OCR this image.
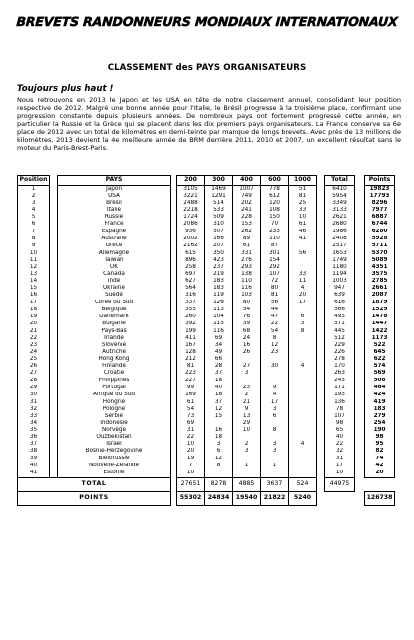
BREVETS RANDONNEURS MONDIAUX INTERNATIONAUX
CLASSEMENT des PAYS ORGANISATEURS
Toujours plus haut !
Nous retrouvons en 2013 le Japon et les USA en tête de notre classement annuel, consolidant leur position respective de 2012. Malgré une bonne année pour l'Italie, le Brésil progresse à la troisième place, confirmant une progression constante depuis plusieurs années. De nombreux pays ont fortement progressé cette année, en particulier la Russie et la Grèce qui se placent dans les dix premiers pays organisateurs. La France conserve sa 6e place de 2012 avec un total de kilomètres en demi-teinte par manque de longs brevets. Avec près de 13 millions de kilomètres, 2013 devient la 4e meilleure année de BRM derrière 2011, 2010 et 2007, un excellent résultat sans le moteur du Paris-Brest-Paris.
Position		PAYS		200	300	400	600	1000		Total		Points
1		Japon		3105	1469	1007	778	51		6410		19823
2		USA		3221	1291	749	612	81		5954		17793
3		Brésil		2488	514	202	120	25		3349		8296
4		Italie		2218	533	241	108	33		3133		7977
5		Russie		1724	509	228	150	10		2621		6887
6		France		2086	310	153	70	61		2680		6744
7		Espagne		936	507	262	235	46		1986		6280
8		Australie		2002	166	89	110	41		2408		5928
9		Grèce		2162	207	61	87			2517		5711
10		Allemagne		615	350	331	301	56		1653		5370
11		Taïwan		896	423	276	154			1749		5089
12		UK		258	237	293	292			1180		4351
13		Canada		697	219	138	107	33		1194		3575
14		Inde		627	183	110	72	11		1003		2785
15		Ukraine		564	183	116	80	4		947		2661
16		Suède		316	119	103	81	20		639		2087
17		Corée du Sud		337	126	80	56	17		616		1879
18		Belgique		355	113	54	44			566		1529
19		Danemark		260	104	76	47	6		493		1478
20		Bulgarie		392	115	39	22	3		571		1447
21		Pays-Bas		199	116	68	54	8		445		1422
22		Irlande		411	69	24	8			512		1173
23		Slovénie		167	34	16	12			229		522
24		Autriche		128	49	26	23			226		645
25		Hong Kong		212	66					278		622
26		Finlande		81	28	27	30	4		170		574
27		Croatie		223	37	3				263		569
28		Philippines		227	18					245		508
29		Portugal		99	40	23	9			171		464
30		Afrique du Sud		169	18	2	4			193		424
31		Hongrie		61	37	21	17			136		419
32		Pologne		54	12	9	3			78		183
33		Serbie		73	15	13	6			107		279
34		Indonésie		69		29				98		254
35		Norvège		31	16	10	8			65		190
36		Ouzbékistan		22	18					40		98
37		Israël		10	3	2	3	4		22		95
38		Bosnie-Herzégovine		20	6	3	3			32		82
39		Biélorussie		19	12					31		74
40		Nouvelle-Zélande		7	8	1	1			17		42
41		Estonie		10						10		20
TOTAL				27651	8278	4885	3637	524		44975		
POINTS				55302	24834	19540	21822	5240				126738
